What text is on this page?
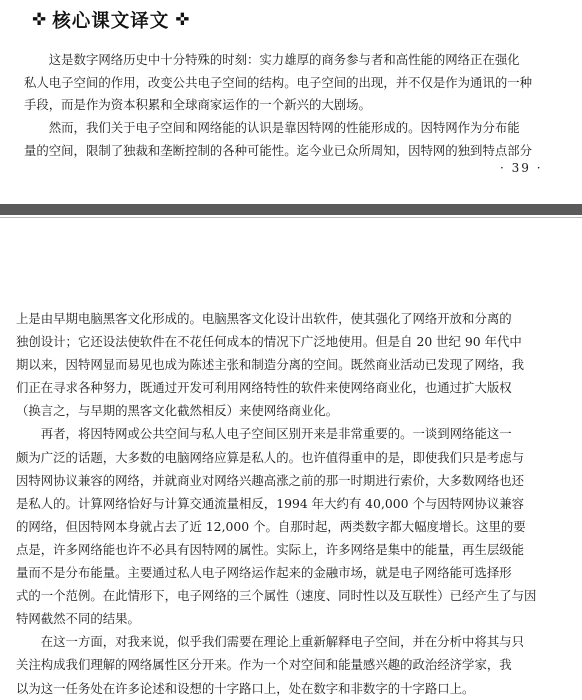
✜ 核心课文译文 ✜
　　这是数字网络历史中十分特殊的时刻：实力雄厚的商务参与者和高性能的网络正在强化
私人电子空间的作用，改变公共电子空间的结构。电子空间的出现，并不仅是作为通讯的一种
手段，而是作为资本积累和全球商家运作的一个新兴的大剧场。
　　然而，我们关于电子空间和网络能的认识是靠因特网的性能形成的。因特网作为分布能
量的空间，限制了独裁和垄断控制的各种可能性。迄今业已众所周知，因特网的独到特点部分
· 39 ·
上是由早期电脑黑客文化形成的。电脑黑客文化设计出软件，使其强化了网络开放和分离的
独创设计；它还设法使软件在不花任何成本的情况下广泛地使用。但是自 20 世纪 90 年代中
期以来，因特网显而易见也成为陈述主张和制造分离的空间。既然商业活动已发现了网络，我
们正在寻求各种努力，既通过开发可利用网络特性的软件来使网络商业化，也通过扩大版权
（换言之，与早期的黑客文化截然相反）来使网络商业化。
　　再者，将因特网或公共空间与私人电子空间区别开来是非常重要的。一谈到网络能这一
颇为广泛的话题，大多数的电脑网络应算是私人的。也许值得重申的是，即使我们只是考虑与
因特网协议兼容的网络，并就商业对网络兴趣高涨之前的那一时期进行索价，大多数网络也还
是私人的。计算网络恰好与计算交通流量相反，1994 年大约有 40,000 个与因特网协议兼容
的网络，但因特网本身就占去了近 12,000 个。自那时起，两类数字都大幅度增长。这里的要
点是，许多网络能也许不必具有因特网的属性。实际上，许多网络是集中的能量，再生层级能
量而不是分布能量。主要通过私人电子网络运作起来的金融市场，就是电子网络能可选择形
式的一个范例。在此情形下，电子网络的三个属性（速度、同时性以及互联性）已经产生了与因
特网截然不同的结果。
　　在这一方面，对我来说，似乎我们需要在理论上重新解释电子空间，并在分析中将其与只
关注构成我们理解的网络属性区分开来。作为一个对空间和能量感兴趣的政治经济学家，我
以为这一任务处在许多论述和设想的十字路口上，处在数字和非数字的十字路口上。
